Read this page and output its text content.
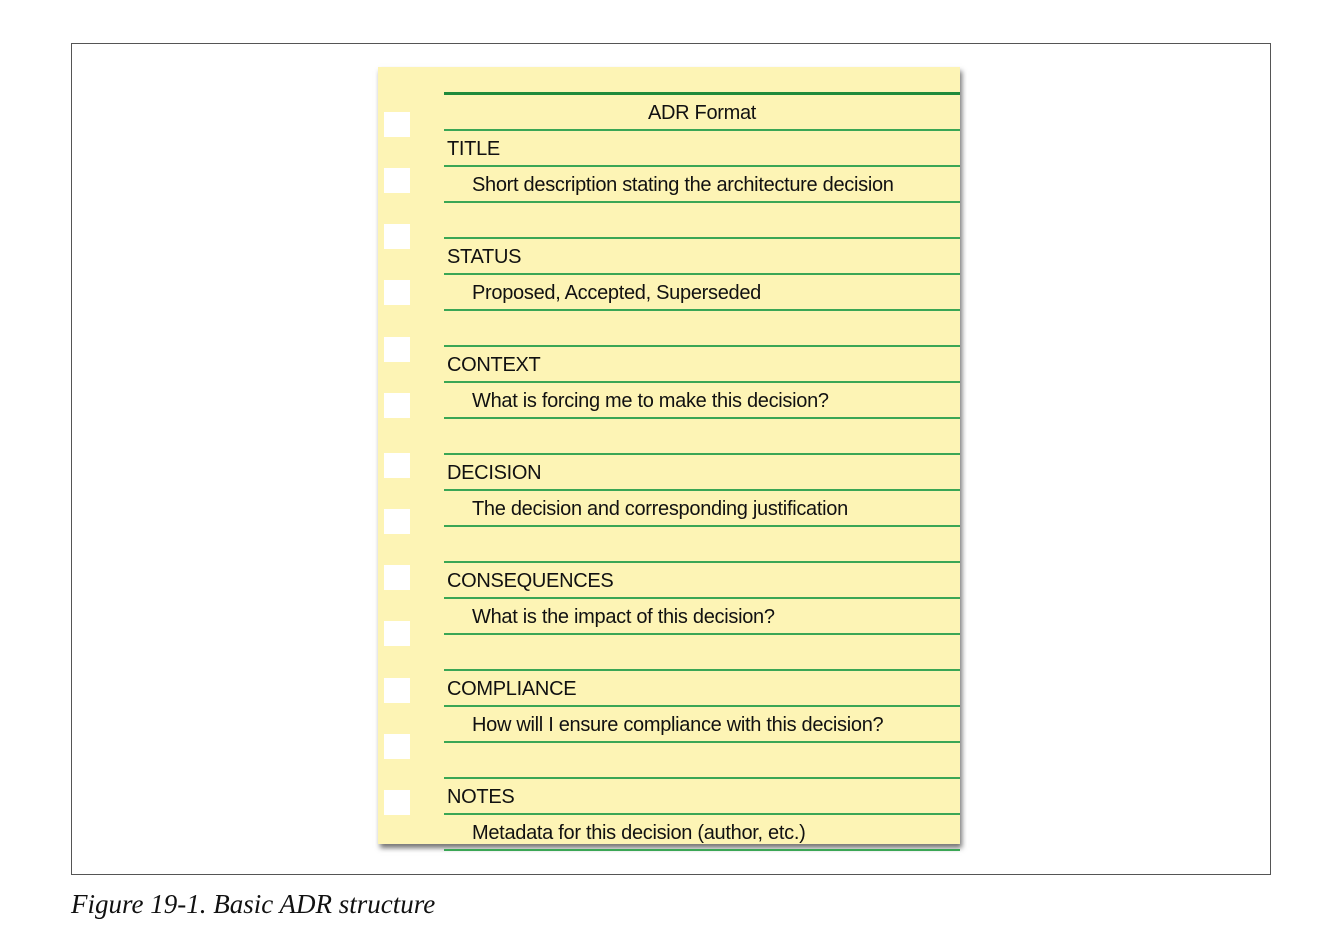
ADR Format
TITLE
Short description stating the architecture decision
STATUS
Proposed, Accepted, Superseded
CONTEXT
What is forcing me to make this decision?
DECISION
The decision and corresponding justification
CONSEQUENCES
What is the impact of this decision?
COMPLIANCE
How will I ensure compliance with this decision?
NOTES
Metadata for this decision (author, etc.)
Figure 19-1. Basic ADR structure
